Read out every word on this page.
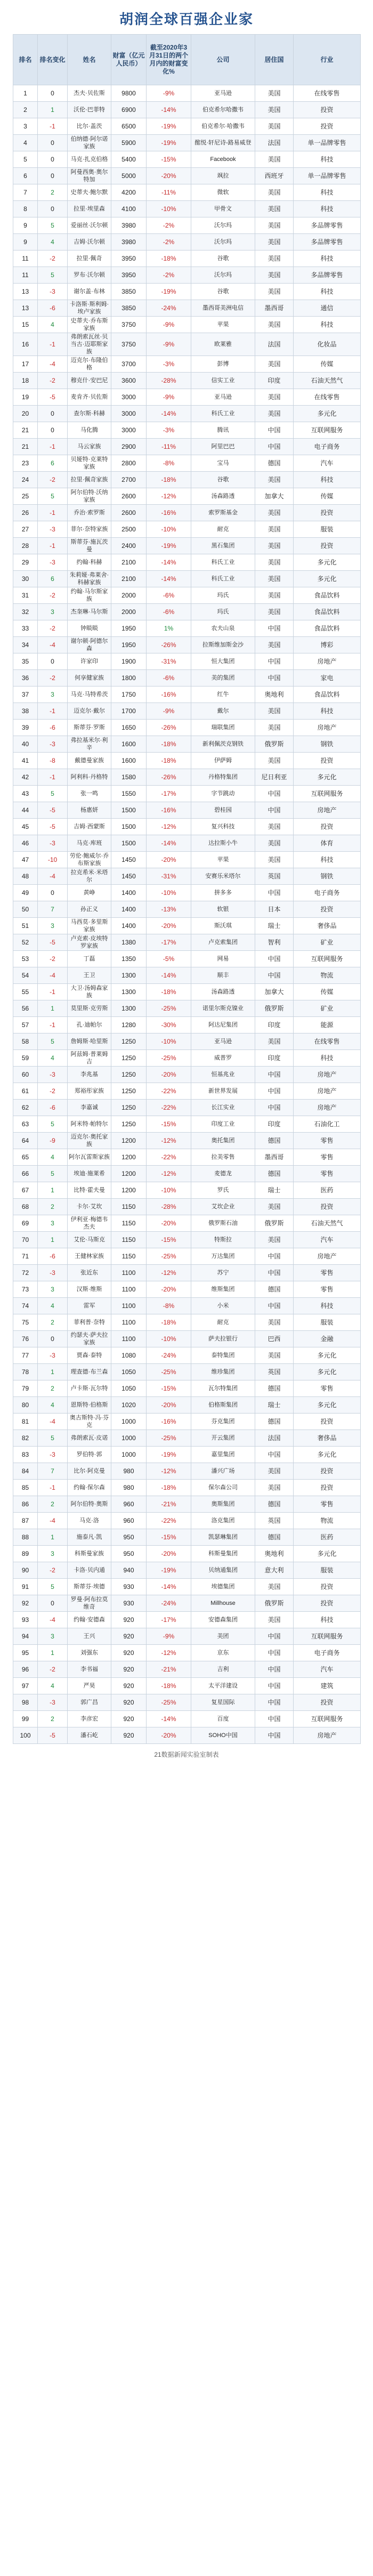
胡润全球百强企业家
排名	排名变化	姓名	财富（亿元人民币）	截至2020年3月31日的两个月内的财富变化%	公司	居住国	行业
1	0	杰夫·贝佐斯	9800	-9%	亚马逊	美国	在线零售
2	1	沃伦·巴菲特	6900	-14%	伯克希尔哈撒韦	美国	投资
3	-1	比尔·盖茨	6500	-19%	伯克希尔·哈撒韦	美国	投资
4	0	伯纳德·阿尔诺家族	5900	-19%	酩悦·轩尼诗-路易威登	法国	单一品牌零售
5	0	马克·扎克伯格	5400	-15%	Facebook	美国	科技
6	0	阿曼西奥·奥尔特加	5000	-20%	飒拉	西班牙	单一品牌零售
7	2	史蒂夫·鲍尔默	4200	-11%	微软	美国	科技
8	0	拉里·埃里森	4100	-10%	甲骨文	美国	科技
9	5	爱丽丝·沃尔顿	3980	-2%	沃尔玛	美国	多品牌零售
9	4	吉姆·沃尔顿	3980	-2%	沃尔玛	美国	多品牌零售
11	-2	拉里·佩奇	3950	-18%	谷歌	美国	科技
11	5	罗布·沃尔顿	3950	-2%	沃尔玛	美国	多品牌零售
13	-3	谢尔盖·布林	3850	-19%	谷歌	美国	科技
13	-6	卡洛斯·斯利姆·埃卢家族	3850	-24%	墨西哥美洲电信	墨西哥	通信
15	4	史蒂夫·乔布斯家族	3750	-9%	苹果	美国	科技
16	-1	弗朗索瓦丝·贝当古·迈耶斯家族	3750	-9%	欧莱雅	法国	化妆品
17	-4	迈克尔·布隆伯格	3700	-3%	彭博	美国	传媒
18	-2	穆克什·安巴尼	3600	-28%	信实工业	印度	石油天然气
19	-5	麦肯齐·贝佐斯	3000	-9%	亚马逊	美国	在线零售
20	0	查尔斯·科赫	3000	-14%	科氏工业	美国	多元化
21	0	马化腾	3000	-3%	腾讯	中国	互联网服务
21	-1	马云家族	2900	-11%	阿里巴巴	中国	电子商务
23	6	贝娅特·克莱特家族	2800	-8%	宝马	德国	汽车
24	-2	拉里·佩奇家族	2700	-18%	谷歌	美国	科技
25	5	阿尔伯特·沃纳家族	2600	-12%	汤森路透	加拿大	传媒
26	-1	乔治·索罗斯	2600	-16%	索罗斯基金	美国	投资
27	-3	菲尔·奈特家族	2500	-10%	耐克	美国	服装
28	-1	斯蒂芬·施瓦茨曼	2400	-19%	黑石集团	美国	投资
29	-3	约翰·科赫	2100	-14%	科氏工业	美国	多元化
30	6	朱莉娅·弗莱舍·科赫家族	2100	-14%	科氏工业	美国	多元化
31	-2	约翰·马尔斯家族	2000	-6%	玛氏	美国	食品饮料
32	3	杰奎琳·马尔斯	2000	-6%	玛氏	美国	食品饮料
33	-2	钟睒睒	1950	1%	农夫山泉	中国	食品饮料
34	-4	谢尔顿·阿德尔森	1950	-26%	拉斯维加斯金沙	美国	博彩
35	0	许家印	1900	-31%	恒大集团	中国	房地产
36	-2	何享健家族	1800	-6%	美的集团	中国	家电
37	3	马克·马特希茨	1750	-16%	红牛	奥地利	食品饮料
38	-1	迈克尔·戴尔	1700	-9%	戴尔	美国	科技
39	-6	斯蒂芬·罗斯	1650	-26%	瑞联集团	美国	房地产
40	-3	弗拉基米尔·利辛	1600	-18%	新利佩茨克钢铁	俄罗斯	钢铁
41	-8	戴德曼家族	1600	-18%	伊萨姆	美国	投资
42	-1	阿利科·丹格特	1580	-26%	丹格特集团	尼日利亚	多元化
43	5	张一鸣	1550	-17%	字节跳动	中国	互联网服务
44	-5	杨惠妍	1500	-16%	碧桂园	中国	房地产
45	-5	吉姆·西蒙斯	1500	-12%	复兴科技	美国	投资
46	-3	马克·库班	1500	-14%	达拉斯小牛	美国	体育
47	-10	劳伦·鲍威尔·乔布斯家族	1450	-20%	苹果	美国	科技
48	-4	拉克希米·米塔尔	1450	-31%	安赛乐米塔尔	英国	钢铁
49	0	黄峥	1400	-10%	拼多多	中国	电子商务
50	7	孙正义	1400	-13%	软银	日本	投资
51	3	马西莫·多里斯家族	1400	-20%	斯沃琪	瑞士	奢侈品
52	-5	卢克索·皮埃特罗家族	1380	-17%	卢克索集团	智利	矿业
53	-2	丁磊	1350	-5%	网易	中国	互联网服务
54	-4	王卫	1300	-14%	顺丰	中国	物流
55	-1	大卫·汤姆森家族	1300	-18%	汤森路透	加拿大	传媒
56	1	莫里斯·克劳斯	1300	-25%	诺里尔斯克镍业	俄罗斯	矿业
57	-1	孔·迪帕尔	1280	-30%	阿达尼集团	印度	能源
58	5	詹姆斯·哈里斯	1250	-10%	亚马逊	美国	在线零售
59	4	阿兹姆·普莱姆吉	1250	-25%	威普罗	印度	科技
60	-3	李兆基	1250	-20%	恒基兆业	中国	房地产
61	-2	郑裕彤家族	1250	-22%	新世界发展	中国	房地产
62	-6	李嘉诚	1250	-22%	长江实业	中国	房地产
63	5	阿米特·帕特尔	1250	-15%	印度工业	印度	石油化工
64	-9	迈克尔·奥托家族	1200	-12%	奥托集团	德国	零售
65	4	阿尔瓦雷斯家族	1200	-22%	拉美零售	墨西哥	零售
66	5	埃迪·施莱希	1200	-12%	麦德龙	德国	零售
67	1	比特·霍夫曼	1200	-10%	罗氏	瑞士	医药
68	2	卡尔·艾坎	1150	-28%	艾坎企业	美国	投资
69	3	伊利亚·梅德韦杰夫	1150	-20%	俄罗斯石油	俄罗斯	石油天然气
70	1	艾伦·马斯克	1150	-15%	特斯拉	美国	汽车
71	-6	王健林家族	1150	-25%	万达集团	中国	房地产
72	-3	张近东	1100	-12%	苏宁	中国	零售
73	3	汉斯·维斯	1100	-20%	维斯集团	德国	零售
74	4	雷军	1100	-8%	小米	中国	科技
75	2	菲利普·奈特	1100	-18%	耐克	美国	服装
76	0	约瑟夫·萨夫拉家族	1100	-10%	萨夫拉银行	巴西	金融
77	-3	贾森·泰特	1080	-24%	泰特集团	美国	多元化
78	1	理查德·布兰森	1050	-25%	维珍集团	英国	多元化
79	2	卢卡斯·瓦尔特	1050	-15%	瓦尔特集团	德国	零售
80	4	恩斯特·伯格斯	1020	-20%	伯格斯集团	瑞士	多元化
81	-4	奥古斯特·冯·芬克	1000	-16%	芬克集团	德国	投资
82	5	弗朗索瓦·皮诺	1000	-25%	开云集团	法国	奢侈品
83	-3	罗伯特·郭	1000	-19%	嘉里集团	中国	多元化
84	7	比尔·阿克曼	980	-12%	潘兴广场	美国	投资
85	-1	约翰·保尔森	980	-18%	保尔森公司	美国	投资
86	2	阿尔伯特·奥斯	960	-21%	奥斯集团	德国	零售
87	-4	马克·洛	960	-22%	洛克集团	英国	物流
88	1	施泰凡·凯	950	-15%	凯瑟琳集团	德国	医药
89	3	科斯曼家族	950	-20%	科斯曼集团	奥地利	多元化
90	-2	卡洛·贝内通	940	-19%	贝纳通集团	意大利	服装
91	5	斯蒂芬·埃德	930	-14%	埃德集团	美国	投资
92	0	罗曼·阿布拉莫维奇	930	-24%	Millhouse	俄罗斯	投资
93	-4	约翰·安德森	920	-17%	安德森集团	美国	科技
94	3	王兴	920	-9%	美团	中国	互联网服务
95	1	刘强东	920	-12%	京东	中国	电子商务
96	-2	李书福	920	-21%	吉利	中国	汽车
97	4	严昊	920	-18%	太平洋建设	中国	建筑
98	-3	郭广昌	920	-25%	复星国际	中国	投资
99	2	李彦宏	920	-14%	百度	中国	互联网服务
100	-5	潘石屹	920	-20%	SOHO中国	中国	房地产
21数据新闻实验室制表
